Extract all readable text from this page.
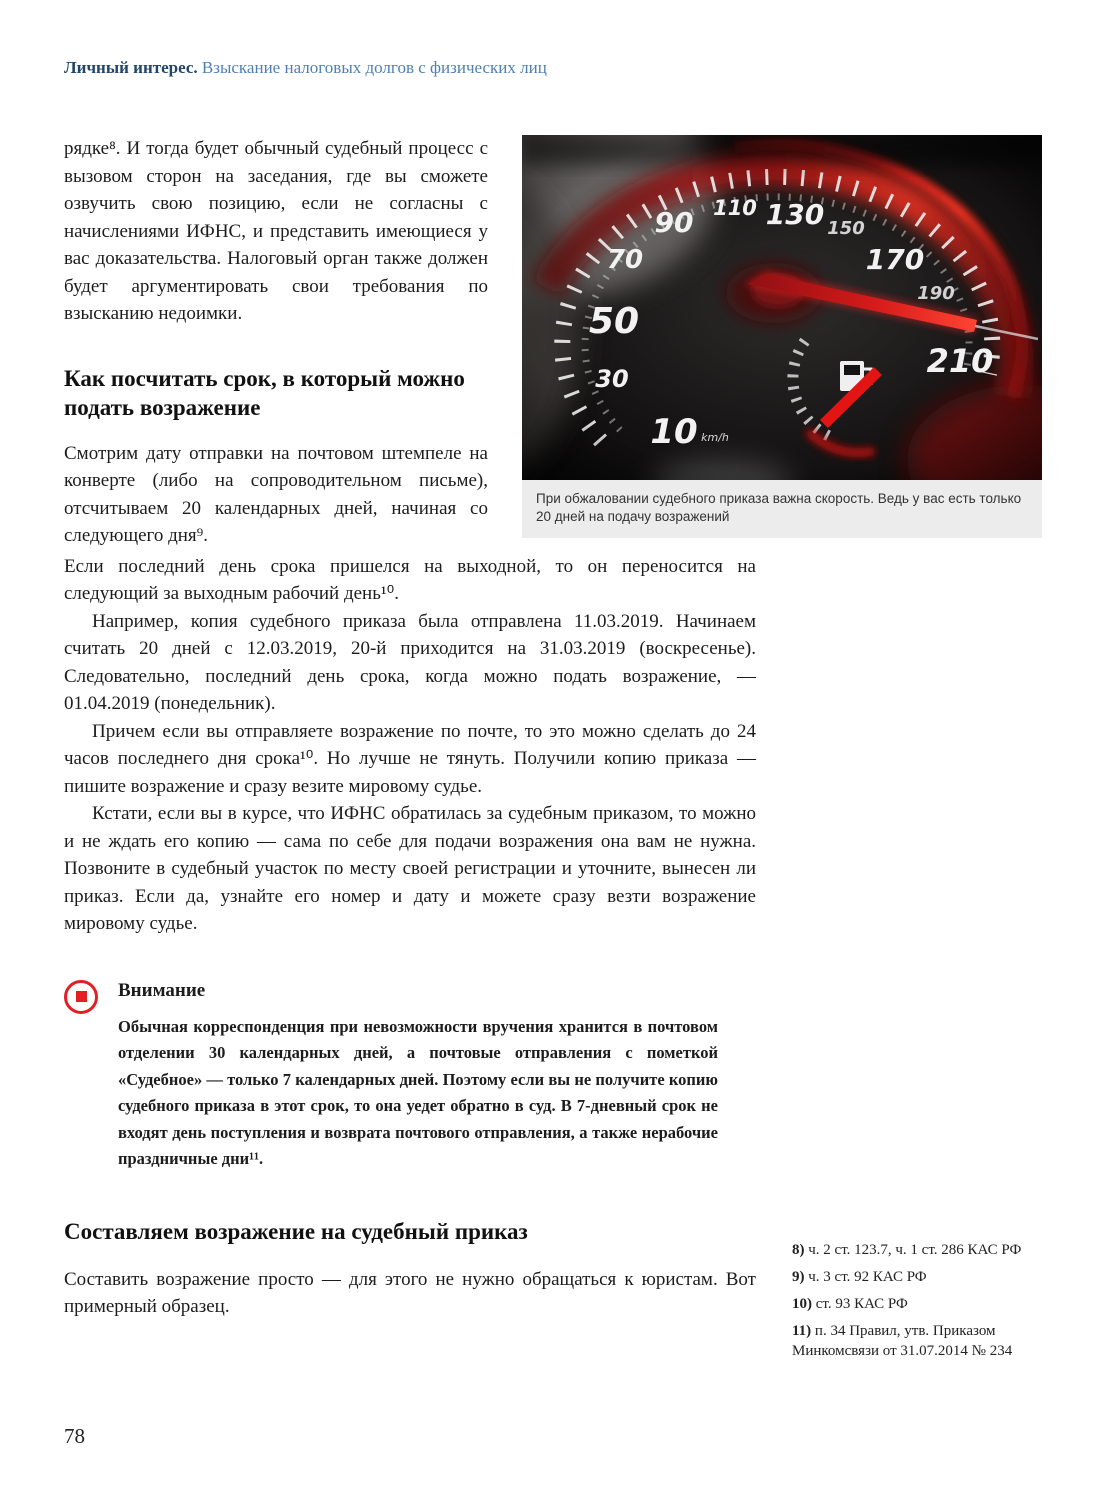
Личный интерес. Взыскание налоговых долгов с физических лиц

рядке⁸. И тогда будет обычный судебный процесс с вызовом сторон на заседания, где вы сможете озвучить свою позицию, если не согласны с начислениями ИФНС, и представить имеющиеся у вас доказательства. Налоговый орган также должен будет аргументировать свои требования по взысканию недоимки.

Как посчитать срок, в который можно подать возражение

Смотрим дату отправки на почтовом штемпеле на конверте (либо на сопроводительном письме), отсчитываем 20 календарных дней, начиная со следующего дня⁹.

При обжаловании судебного приказа важна скорость. Ведь у вас есть только 20 дней на подачу возражений

Если последний день срока пришелся на выходной, то он переносится на следующий за выходным рабочий день¹⁰.

Например, копия судебного приказа была отправлена 11.03.2019. Начинаем считать 20 дней с 12.03.2019, 20-й приходится на 31.03.2019 (воскресенье). Следовательно, последний день срока, когда можно подать возражение, — 01.04.2019 (понедельник).

Причем если вы отправляете возражение по почте, то это можно сделать до 24 часов последнего дня срока¹⁰. Но лучше не тянуть. Получили копию приказа — пишите возражение и сразу везите мировому судье.

Кстати, если вы в курсе, что ИФНС обратилась за судебным приказом, то можно и не ждать его копию — сама по себе для подачи возражения она вам не нужна. Позвоните в судебный участок по месту своей регистрации и уточните, вынесен ли приказ. Если да, узнайте его номер и дату и можете сразу везти возражение мировому судье.

Внимание
Обычная корреспонденция при невозможности вручения хранится в почтовом отделении 30 календарных дней, а почтовые отправления с пометкой «Судебное» — только 7 календарных дней. Поэтому если вы не получите копию судебного приказа в этот срок, то она уедет обратно в суд. В 7-дневный срок не входят день поступления и возврата почтового отправления, а также нерабочие праздничные дни¹¹.
Составляем возражение на судебный приказ

Составить возражение просто — для этого не нужно обращаться к юристам. Вот примерный образец.

8) ч. 2 ст. 123.7, ч. 1 ст. 286 КАС РФ
9) ч. 3 ст. 92 КАС РФ
10) ст. 93 КАС РФ
11) п. 34 Правил, утв. Приказом Минкомсвязи от 31.07.2014 № 234
78
